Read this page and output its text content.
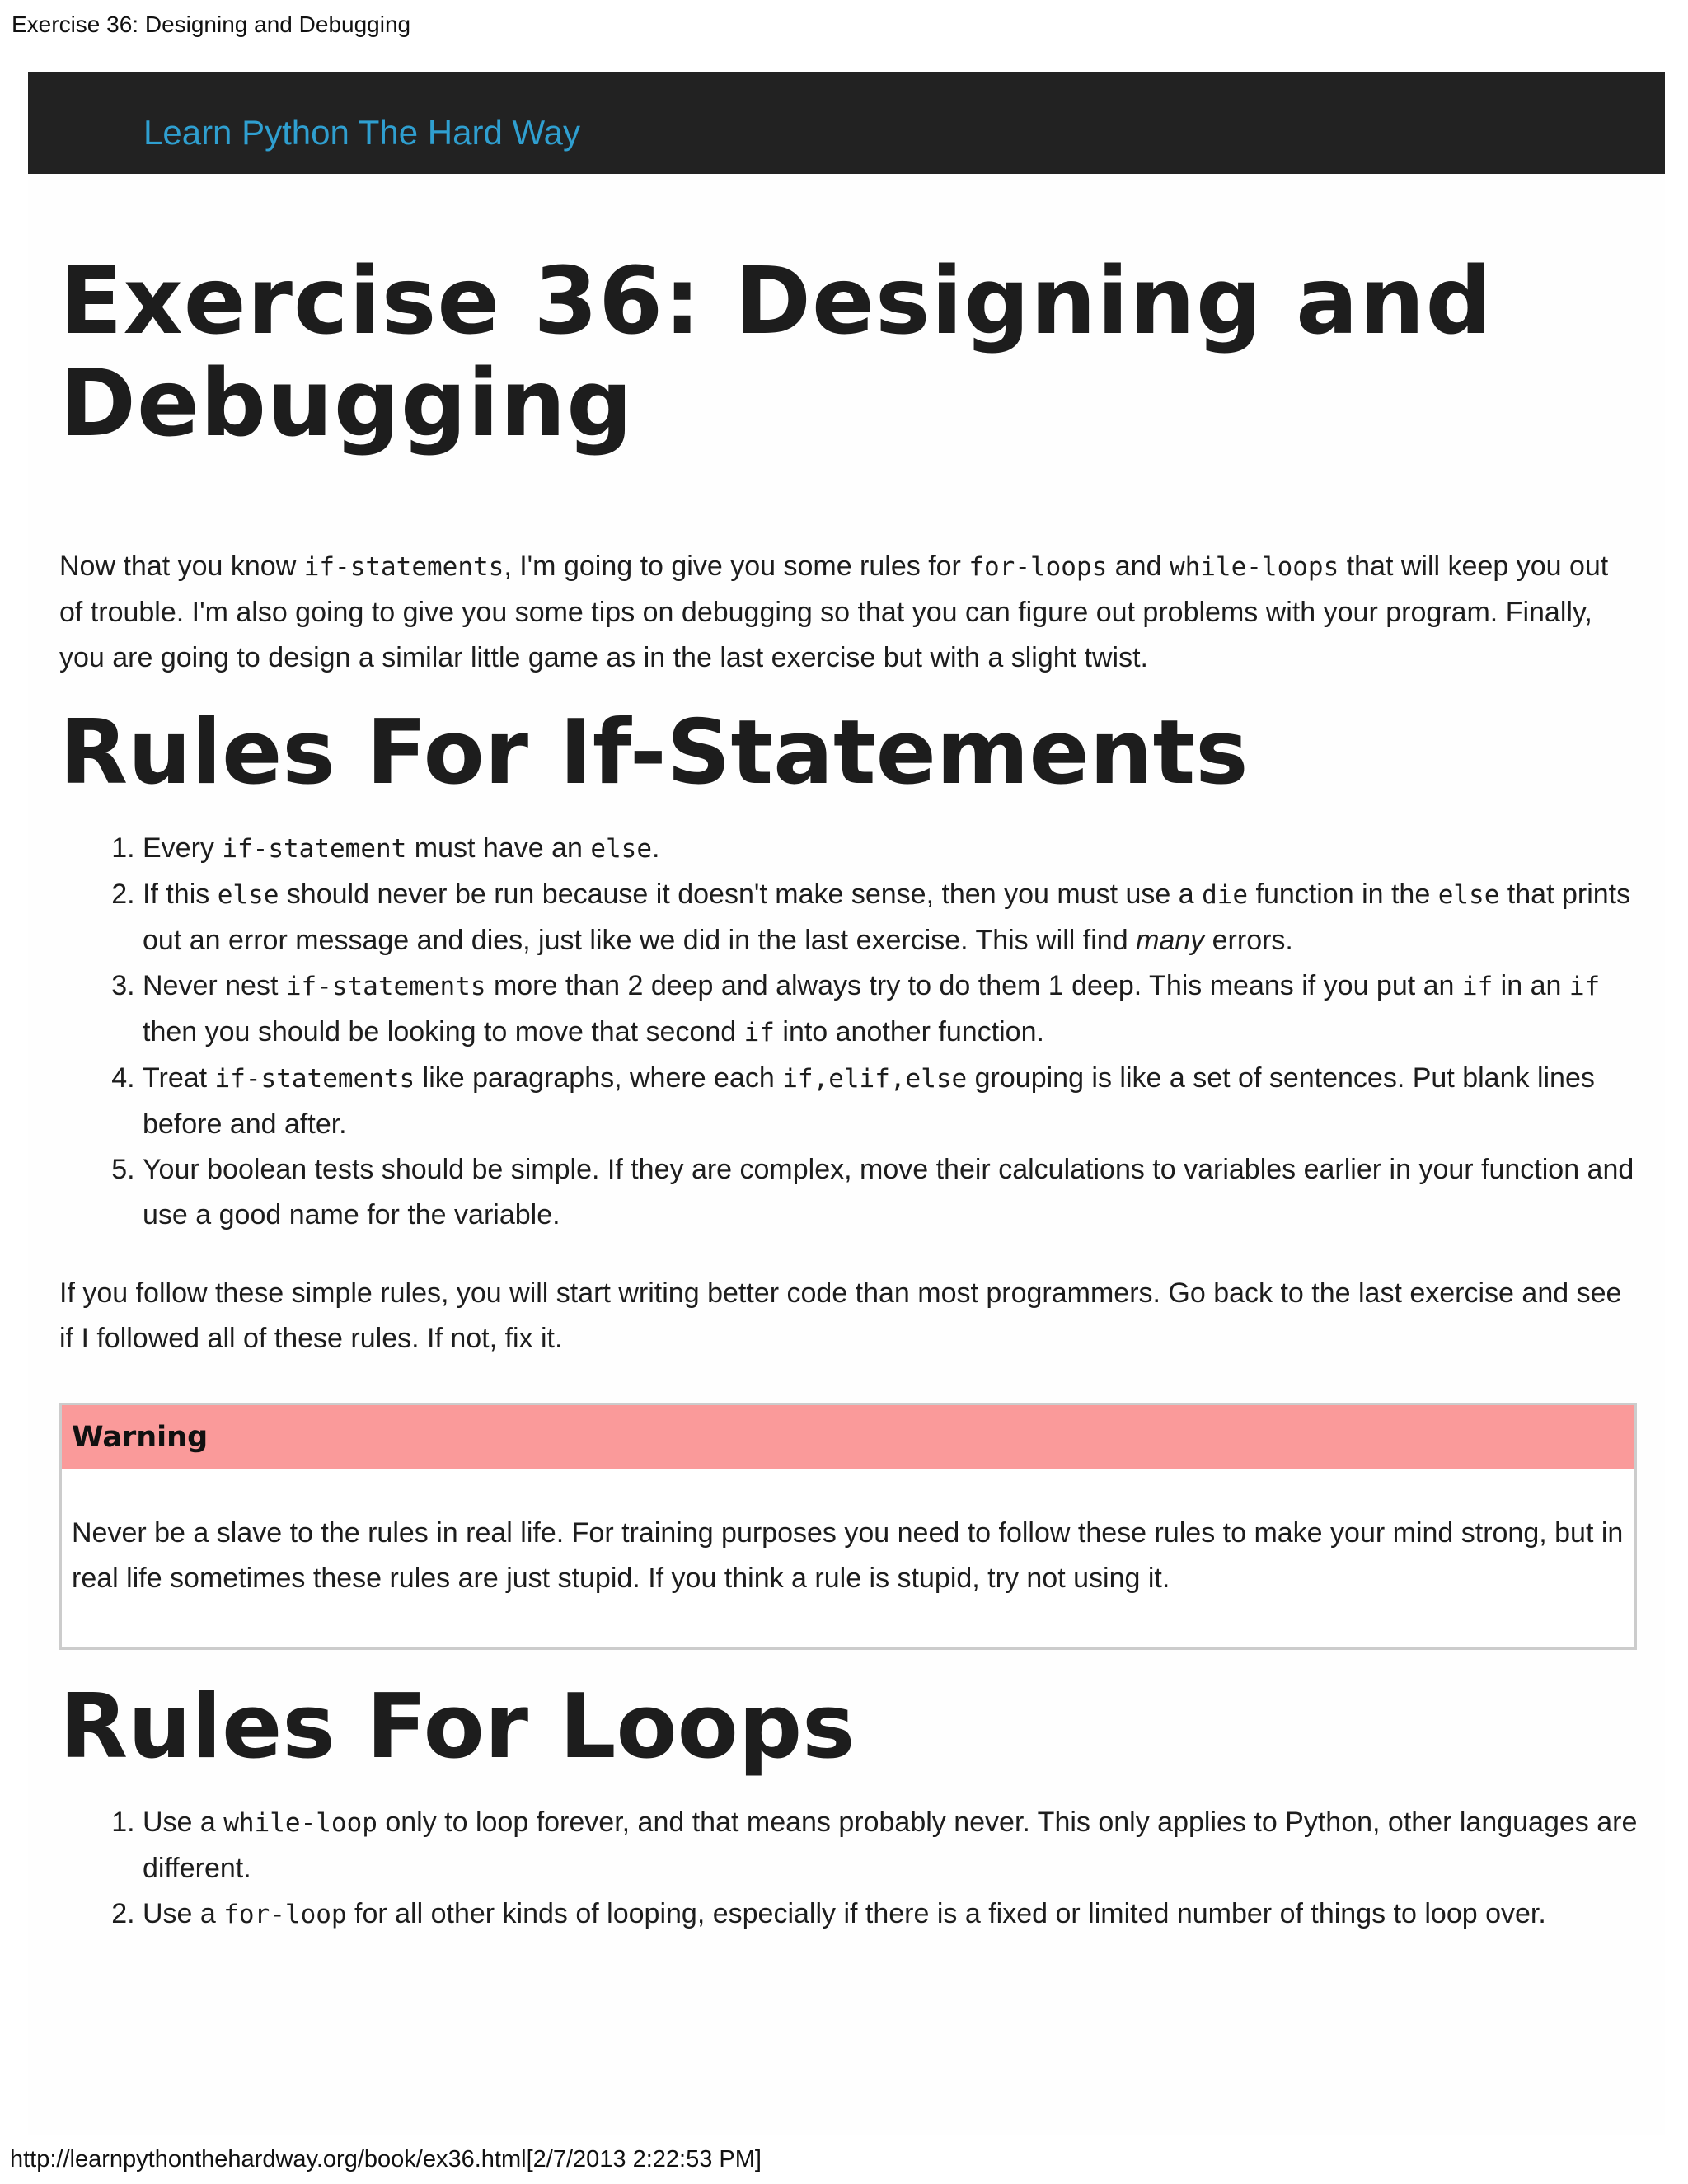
Exercise 36: Designing and Debugging
Learn Python The Hard Way
Exercise 36: Designing and Debugging

Now that you know if-statements, I'm going to give you some rules for for-loops and while-loops that will keep you out of trouble. I'm also going to give you some tips on debugging so that you can figure out problems with your program. Finally, you are going to design a similar little game as in the last exercise but with a slight twist.

Rules For If-Statements
1. Every if-statement must have an else.
2. If this else should never be run because it doesn't make sense, then you must use a die function in the else that prints out an error message and dies, just like we did in the last exercise. This will find many errors.
3. Never nest if-statements more than 2 deep and always try to do them 1 deep. This means if you put an if in an if then you should be looking to move that second if into another function.
4. Treat if-statements like paragraphs, where each if,elif,else grouping is like a set of sentences. Put blank lines before and after.
5. Your boolean tests should be simple. If they are complex, move their calculations to variables earlier in your function and use a good name for the variable.

If you follow these simple rules, you will start writing better code than most programmers. Go back to the last exercise and see if I followed all of these rules. If not, fix it.

Warning

Never be a slave to the rules in real life. For training purposes you need to follow these rules to make your mind strong, but in real life sometimes these rules are just stupid. If you think a rule is stupid, try not using it.

Rules For Loops
1. Use a while-loop only to loop forever, and that means probably never. This only applies to Python, other languages are different.
2. Use a for-loop for all other kinds of looping, especially if there is a fixed or limited number of things to loop over.
http://learnpythonthehardway.org/book/ex36.html[2/7/2013 2:22:53 PM]
